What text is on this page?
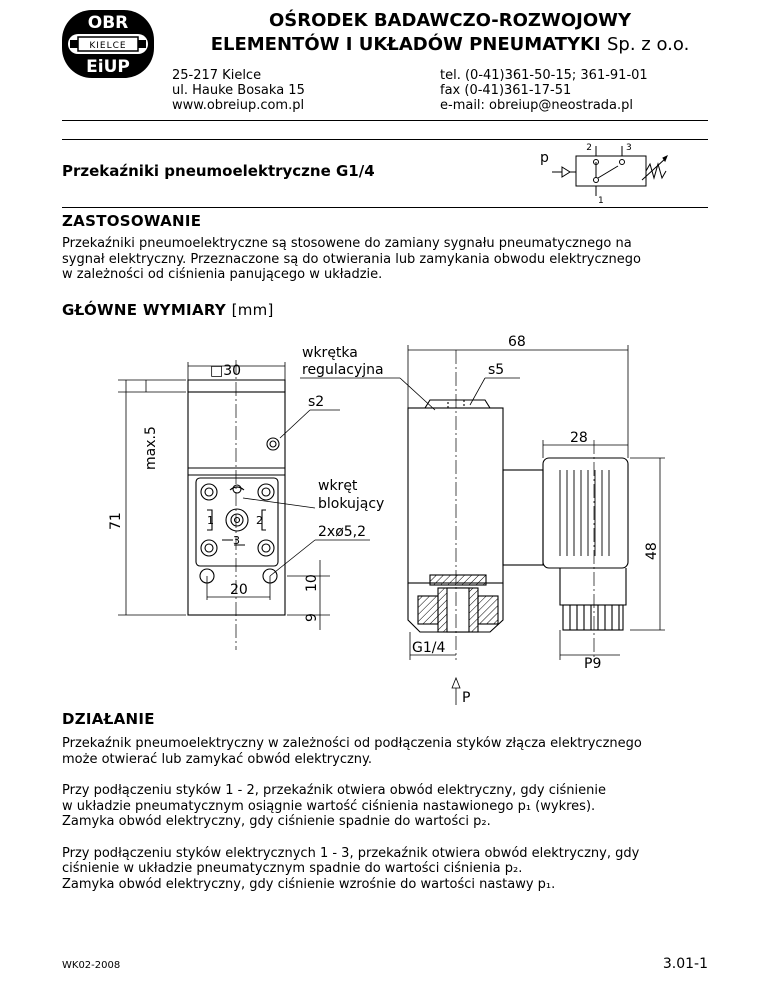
OBR
KIELCE
EiUP
OŚRODEK BADAWCZO-ROZWOJOWY
ELEMENTÓW I UKŁADÓW PNEUMATYKI Sp. z o.o.
25-217 Kielce
ul. Hauke Bosaka 15
www.obreiup.com.pl
tel. (0-41)361-50-15; 361-91-01
fax (0-41)361-17-51
e-mail: obreiup@neostrada.pl
Przekaźniki pneumoelektryczne G1/4
p
2	3
1
ZASTOSOWANIE
Przekaźniki pneumoelektryczne są stosowene do zamiany sygnału pneumatycznego na
sygnał elektryczny. Przeznaczone są do otwierania lub zamykania obwodu elektrycznego
w zależności od ciśnienia panującego w układzie.
GŁÓWNE WYMIARY [mm]
□30
max.5
71
s2
wkręt
blokujący
2xø5,2
20	10
9
wkrętka
regulacyjna	s5
68
28
48
G1/4
P9
P
1	2
3
DZIAŁANIE
Przekaźnik pneumoelektryczny w zależności od podłączenia styków złącza elektrycznego
może otwierać lub zamykać obwód elektryczny.
Przy podłączeniu styków 1 - 2, przekaźnik otwiera obwód elektryczny, gdy ciśnienie
w układzie pneumatycznym osiągnie wartość ciśnienia nastawionego p₁ (wykres).
Zamyka obwód elektryczny, gdy ciśnienie spadnie do wartości p₂.
Przy podłączeniu styków elektrycznych 1 - 3, przekaźnik otwiera obwód elektryczny, gdy
ciśnienie w układzie pneumatycznym spadnie do wartości ciśnienia p₂.
Zamyka obwód elektryczny, gdy ciśnienie wzrośnie do wartości nastawy p₁.
WK02-2008	3.01-1
